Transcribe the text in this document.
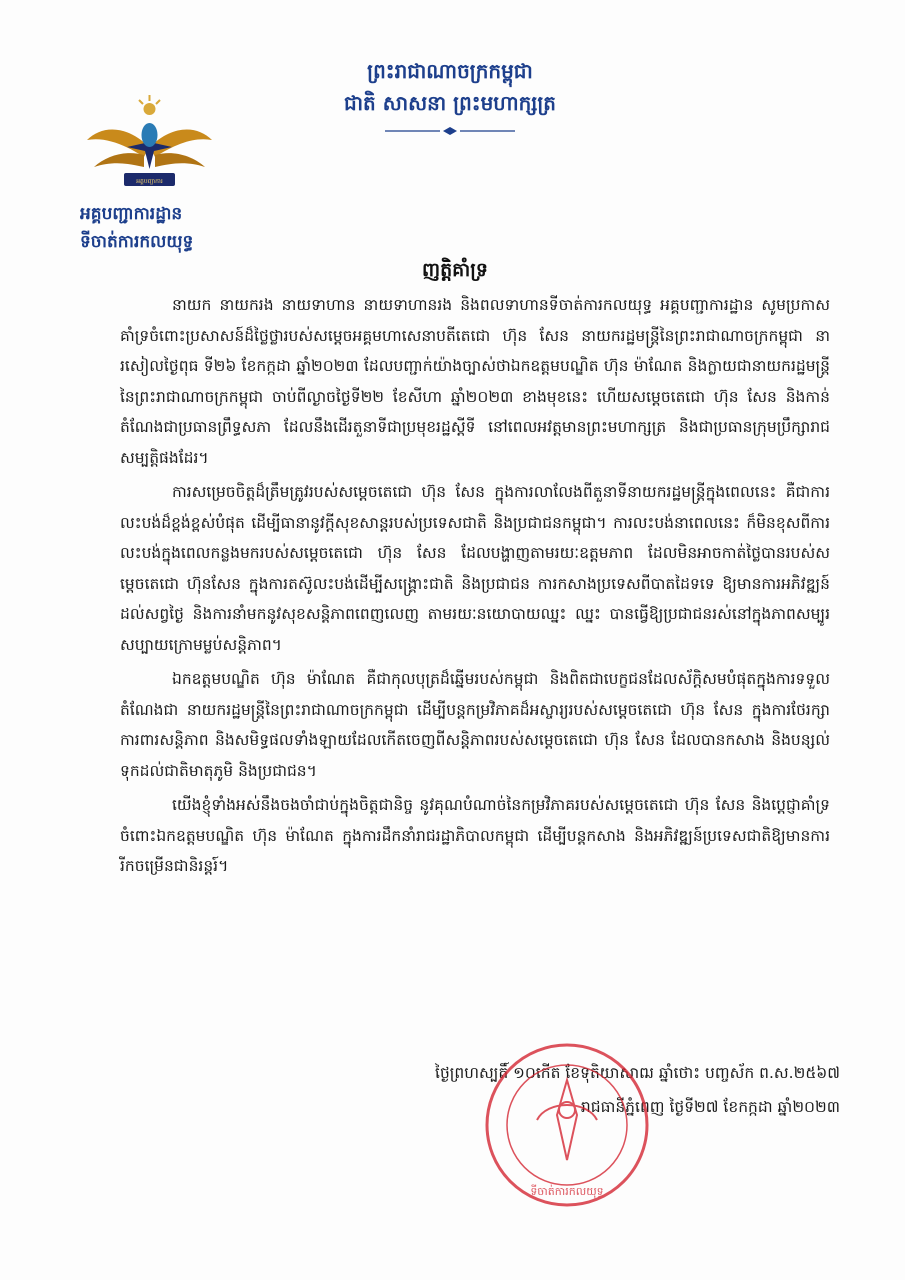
អគ្គបញ្ជាការ
អគ្គបញ្ជាការដ្ឋាន
ទីចាត់ការកលយុទ្ធ
ព្រះរាជាណាចក្រកម្ពុជា
ជាតិ សាសនា ព្រះមហាក្សត្រ
ញត្តិគាំទ្រ

នាយក នាយករង នាយទាហាន នាយទាហានរង និងពលទាហានទីចាត់ការកលយុទ្ធ អគ្គបញ្ជាការដ្ឋាន សូមប្រកាសគាំទ្រចំពោះប្រសាសន៍ដ៏ថ្លៃថ្លារបស់សម្តេចអគ្គមហាសេនាបតីតេជោ ហ៊ុន សែន នាយករដ្ឋមន្ត្រីនៃព្រះរាជាណាចក្រកម្ពុជា នារសៀលថ្ងៃពុធ ទី២៦ ខែកក្កដា ឆ្នាំ២០២៣ ដែលបញ្ជាក់យ៉ាងច្បាស់ថាឯកឧត្តមបណ្ឌិត ហ៊ុន ម៉ាណែត និងក្លាយជានាយករដ្ឋមន្ត្រីនៃព្រះរាជាណាចក្រកម្ពុជា ចាប់ពីល្ងាចថ្ងៃទី២២ ខែសីហា ឆ្នាំ២០២៣ ខាងមុខនេះ ហើយសម្តេចតេជោ ហ៊ុន សែន និងកាន់តំណែងជាប្រធានព្រឹទ្ធសភា ដែលនឹងដើរតួនាទីជាប្រមុខរដ្ឋស្តីទី នៅពេលអវត្តមានព្រះមហាក្សត្រ និងជាប្រធានក្រុមប្រឹក្សារាជសម្បត្តិផងដែរ។

ការសម្រេចចិត្តដ៏ត្រឹមត្រូវរបស់សម្តេចតេជោ ហ៊ុន សែន ក្នុងការលាលែងពីតួនាទីនាយករដ្ឋមន្ត្រីក្នុងពេលនេះ គឺជាការលះបង់ដ៏ខ្ពង់ខ្ពស់បំផុត ដើម្បីធានានូវក្តីសុខសាន្តរបស់ប្រទេសជាតិ និងប្រជាជនកម្ពុជា។ ការលះបង់នាពេលនេះ ក៏មិនខុសពីការលះបង់ក្នុងពេលកន្លងមករបស់សម្តេចតេជោ ហ៊ុន សែន ដែលបង្ហាញតាមរយៈឧត្តមភាព ដែលមិនអាចកាត់ថ្លៃបានរបស់សម្តេចតេជោ ហ៊ុនសែន ក្នុងការតស៊ូលះបង់ដើម្បីសង្គ្រោះជាតិ និងប្រជាជន ការកសាងប្រទេសពីបាតដៃទទេ ឱ្យមានការអភិវឌ្ឍន៍ដល់សព្វថ្ងៃ និងការនាំមកនូវសុខសន្តិភាពពេញលេញ តាមរយៈនយោបាយឈ្នះ ឈ្នះ បានធ្វើឱ្យប្រជាជនរស់នៅក្នុងភាពសម្បូរសប្បាយក្រោមម្លប់សន្តិភាព។

ឯកឧត្តមបណ្ឌិត ហ៊ុន ម៉ាណែត គឺជាកុលបុត្រដ៏ឆ្នើមរបស់កម្ពុជា និងពិតជាបេក្ខជនដែលស័ក្តិសមបំផុតក្នុងការទទួលតំណែងជា នាយករដ្ឋមន្ត្រីនៃព្រះរាជាណាចក្រកម្ពុជា ដើម្បីបន្តកម្រវិភាគដ៏អស្ចារ្យរបស់សម្តេចតេជោ ហ៊ុន សែន ក្នុងការថែរក្សាការពារសន្តិភាព និងសមិទ្ធផលទាំងឡាយដែលកើតចេញពីសន្តិភាពរបស់សម្តេចតេជោ ហ៊ុន សែន ដែលបានកសាង និងបន្សល់ទុកដល់ជាតិមាតុភូមិ និងប្រជាជន។

យើងខ្ញុំទាំងអស់នឹងចងចាំជាប់ក្នុងចិត្តជានិច្ច នូវគុណបំណាច់នៃកម្រវិភាគរបស់សម្តេចតេជោ ហ៊ុន សែន និងប្តេជ្ញាគាំទ្រចំពោះឯកឧត្តមបណ្ឌិត ហ៊ុន ម៉ាណែត ក្នុងការដឹកនាំរាជរដ្ឋាភិបាលកម្ពុជា ដើម្បីបន្តកសាង និងអភិវឌ្ឍន៍ប្រទេសជាតិឱ្យមានការរីកចម្រើនជានិរន្តរ៍។

ថ្ងៃព្រហស្បតិ៍ ១០កើត ខែទុតិយាសាឍ ឆ្នាំថោះ បញ្ចស័ក ព.ស.២៥៦៧
រាជធានីភ្នំពេញ ថ្ងៃទី២៧ ខែកក្កដា ឆ្នាំ២០២៣
ទីចាត់ការកលយុទ្ធ
